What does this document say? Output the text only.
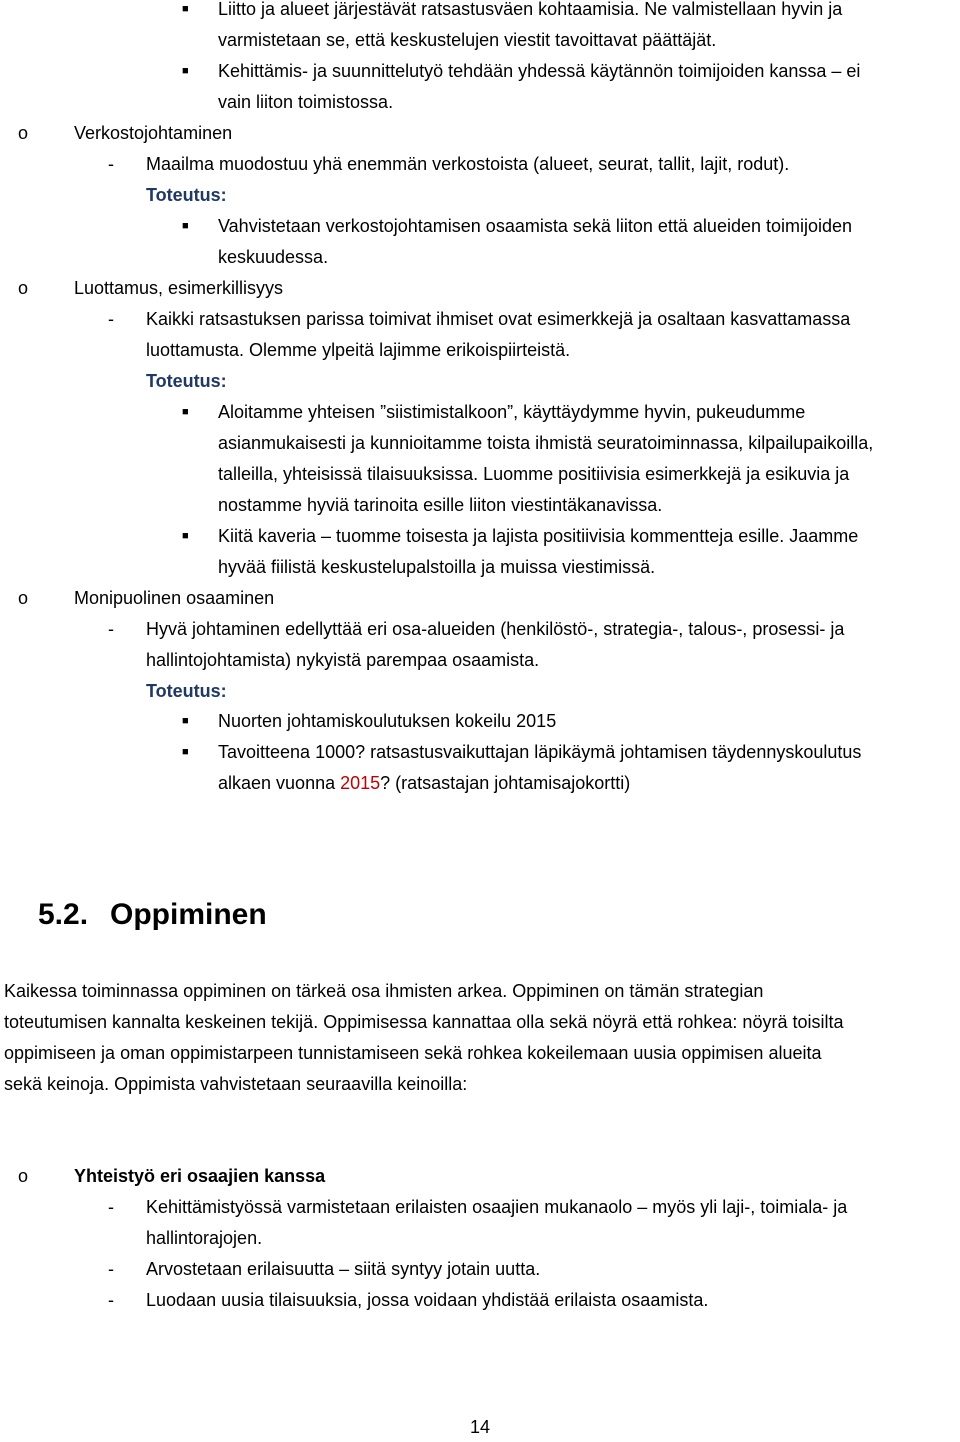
■ Liitto ja alueet järjestävät ratsastusväen kohtaamisia. Ne valmistellaan hyvin ja
varmistetaan se, että keskustelujen viestit tavoittavat päättäjät.
■ Kehittämis- ja suunnittelutyö tehdään yhdessä käytännön toimijoiden kanssa – ei
vain liiton toimistossa.
o	Verkostojohtaminen
- Maailma muodostuu yhä enemmän verkostoista (alueet, seurat, tallit, lajit, rodut).
Toteutus:
■ Vahvistetaan verkostojohtamisen osaamista sekä liiton että alueiden toimijoiden
keskuudessa.
o	Luottamus, esimerkillisyys
- Kaikki ratsastuksen parissa toimivat ihmiset ovat esimerkkejä ja osaltaan kasvattamassa
luottamusta. Olemme ylpeitä lajimme erikoispiirteistä.
Toteutus:
■ Aloitamme yhteisen ”siistimistalkoon”, käyttäydymme hyvin, pukeudumme
asianmukaisesti ja kunnioitamme toista ihmistä seuratoiminnassa, kilpailupaikoilla,
talleilla, yhteisissä tilaisuuksissa. Luomme positiivisia esimerkkejä ja esikuvia ja
nostamme hyviä tarinoita esille liiton viestintäkanavissa.
■ Kiitä kaveria – tuomme toisesta ja lajista positiivisia kommentteja esille. Jaamme
hyvää fiilistä keskustelupalstoilla ja muissa viestimissä.
o	Monipuolinen osaaminen
- Hyvä johtaminen edellyttää eri osa-alueiden (henkilöstö-, strategia-, talous-, prosessi- ja
hallintojohtamista) nykyistä parempaa osaamista.
Toteutus:
■ Nuorten johtamiskoulutuksen kokeilu 2015
■ Tavoitteena 1000? ratsastusvaikuttajan läpikäymä johtamisen täydennyskoulutus
alkaen vuonna 2015? (ratsastajan johtamisajokortti)
5.2. Oppiminen
Kaikessa toiminnassa oppiminen on tärkeä osa ihmisten arkea. Oppiminen on tämän strategian
toteutumisen kannalta keskeinen tekijä. Oppimisessa kannattaa olla sekä nöyrä että rohkea: nöyrä toisilta
oppimiseen ja oman oppimistarpeen tunnistamiseen sekä rohkea kokeilemaan uusia oppimisen alueita
sekä keinoja. Oppimista vahvistetaan seuraavilla keinoilla:
o	Yhteistyö eri osaajien kanssa
- Kehittämistyössä varmistetaan erilaisten osaajien mukanaolo – myös yli laji-, toimiala- ja
hallintorajojen.
- Arvostetaan erilaisuutta – siitä syntyy jotain uutta.
- Luodaan uusia tilaisuuksia, jossa voidaan yhdistää erilaista osaamista.
14
